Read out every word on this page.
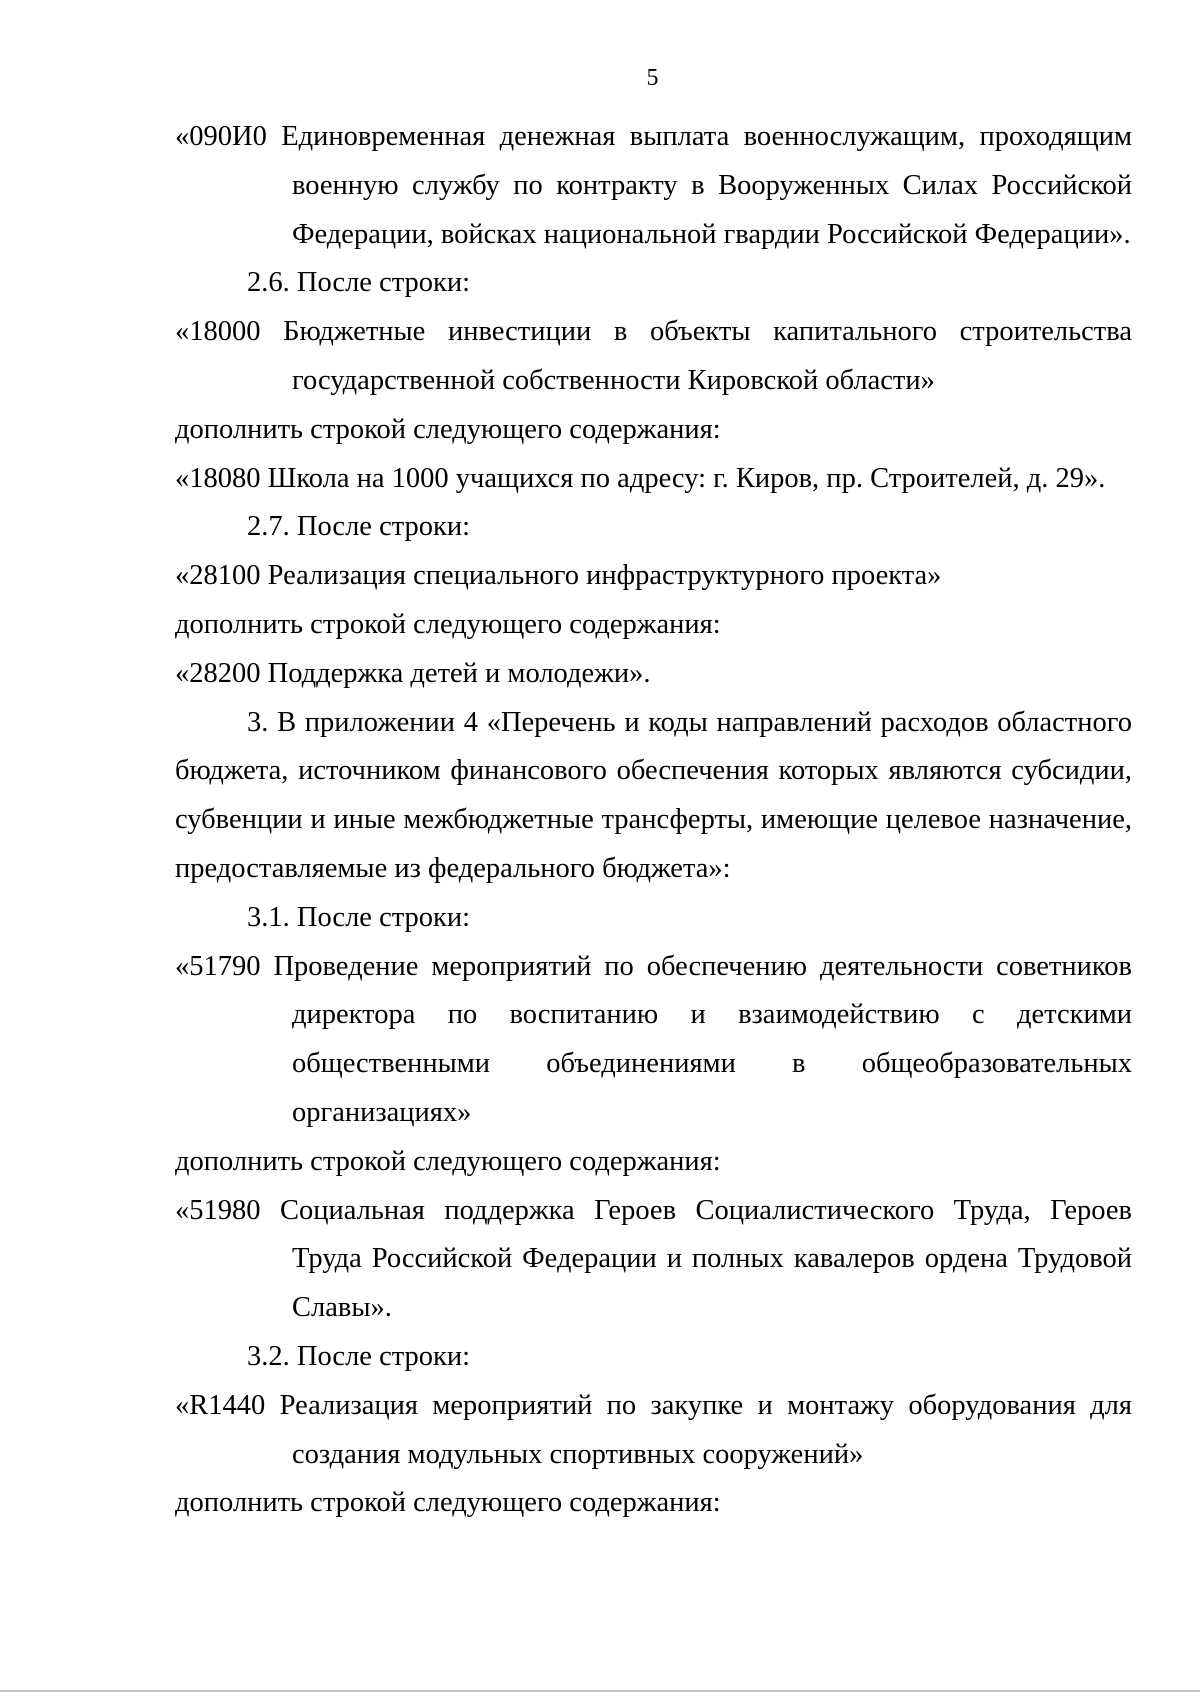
5

«090И0 Единовременная денежная выплата военнослужащим, проходящим военную службу по контракту в Вооруженных Силах Российской Федерации, войсках национальной гвардии Российской Федерации».

2.6. После строки:

«18000 Бюджетные инвестиции в объекты капитального строительства государственной собственности Кировской области»

дополнить строкой следующего содержания:

«18080 Школа на 1000 учащихся по адресу: г. Киров, пр. Строителей, д. 29».

2.7. После строки:

«28100 Реализация специального инфраструктурного проекта»

дополнить строкой следующего содержания:

«28200 Поддержка детей и молодежи».

3. В приложении 4 «Перечень и коды направлений расходов областного бюджета, источником финансового обеспечения которых являются субсидии, субвенции и иные межбюджетные трансферты, имеющие целевое назначение, предоставляемые из федерального бюджета»:

3.1. После строки:

«51790 Проведение мероприятий по обеспечению деятельности советников директора по воспитанию и взаимодействию с детскими общественными объединениями в общеобразовательных организациях»

дополнить строкой следующего содержания:

«51980 Социальная поддержка Героев Социалистического Труда, Героев Труда Российской Федерации и полных кавалеров ордена Трудовой Славы».

3.2. После строки:

«R1440 Реализация мероприятий по закупке и монтажу оборудования для создания модульных спортивных сооружений»

дополнить строкой следующего содержания:
